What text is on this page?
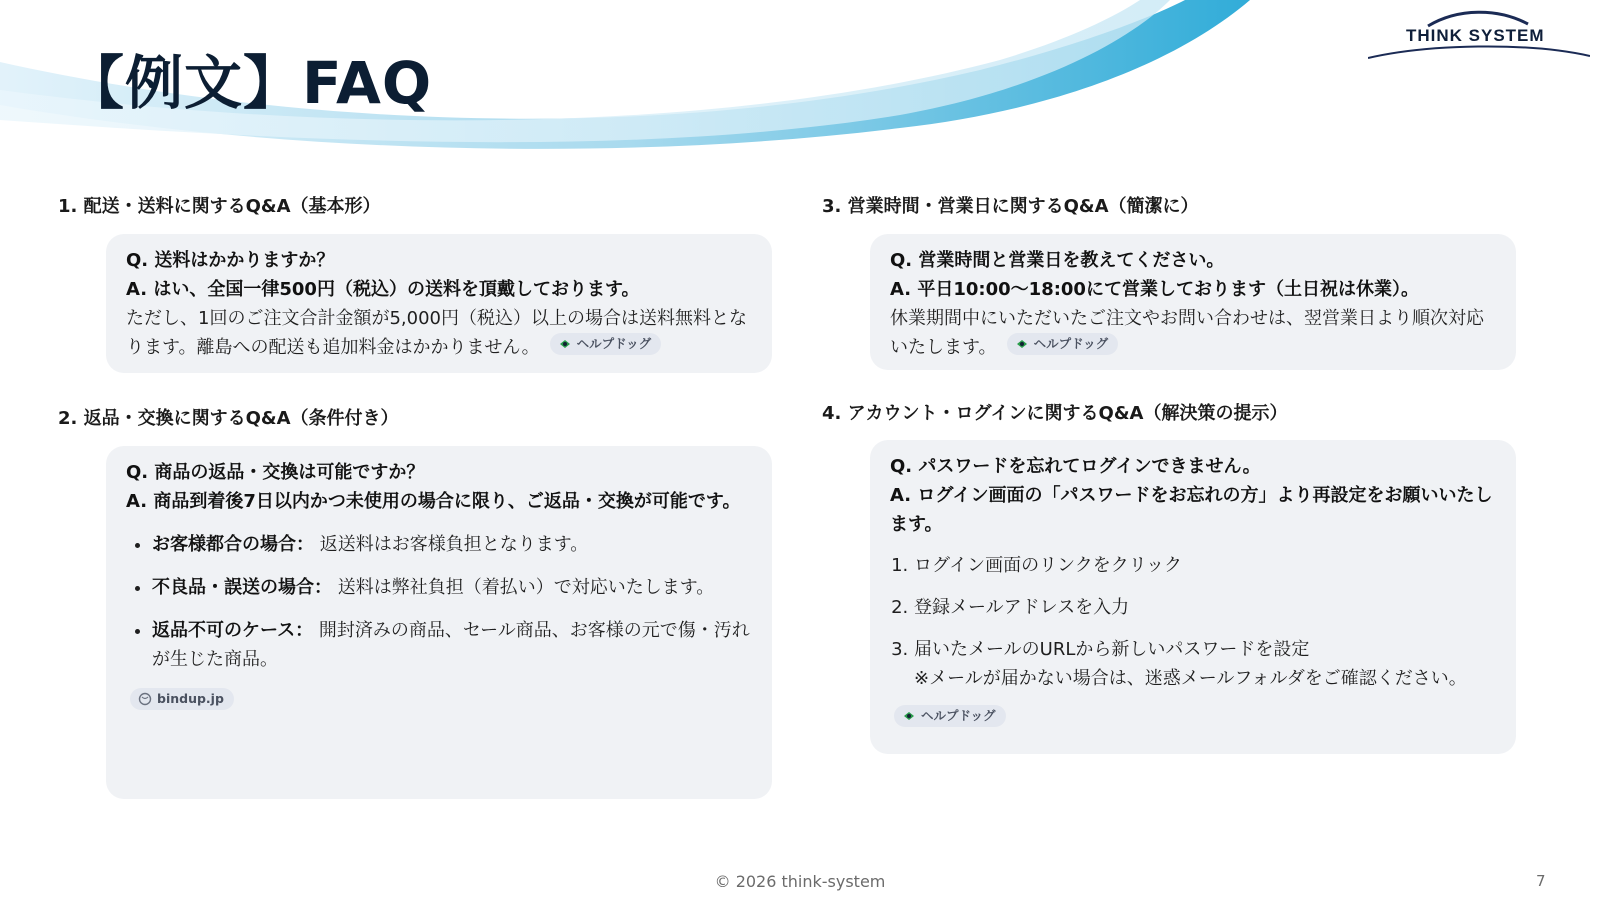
【例文】FAQ
THINK SYSTEM
1. 配送・送料に関するQ&A（基本形）

Q. 送料はかかりますか？

A. はい、全国一律500円（税込）の送料を頂戴しております。

ただし、1回のご注文合計金額が5,000円（税込）以上の場合は送料無料となります。離島への配送も追加料金はかかりません。	ヘルプドッグ

2. 返品・交換に関するQ&A（条件付き）

Q. 商品の返品・交換は可能ですか？

A. 商品到着後7日以内かつ未使用の場合に限り、ご返品・交換が可能です。

• お客様都合の場合： 返送料はお客様負担となります。
• 不良品・誤送の場合： 送料は弊社負担（着払い）で対応いたします。
• 返品不可のケース： 開封済みの商品、セール商品、お客様の元で傷・汚れが生じた商品。
bindup.jp
3. 営業時間・営業日に関するQ&A（簡潔に）

Q. 営業時間と営業日を教えてください。

A. 平日10:00〜18:00にて営業しております（土日祝は休業）。

休業期間中にいただいたご注文やお問い合わせは、翌営業日より順次対応いたします。	ヘルプドッグ

4. アカウント・ログインに関するQ&A（解決策の提示）

Q. パスワードを忘れてログインできません。

A. ログイン画面の「パスワードをお忘れの方」より再設定をお願いいたします。

1. ログイン画面のリンクをクリック
2. 登録メールアドレスを入力
3. 届いたメールのURLから新しいパスワードを設定
※メールが届かない場合は、迷惑メールフォルダをご確認ください。
ヘルプドッグ
© 2026 think-system	7
